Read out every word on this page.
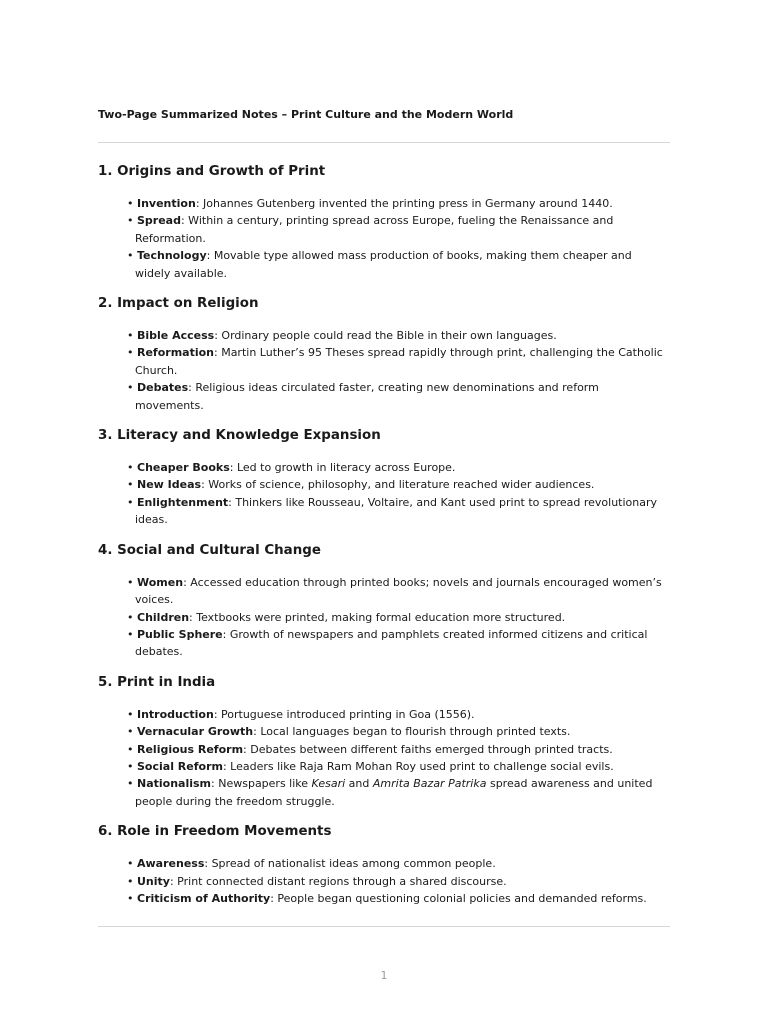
Two-Page Summarized Notes – Print Culture and the Modern World

1. Origins and Growth of Print
• Invention: Johannes Gutenberg invented the printing press in Germany around 1440.
• Spread: Within a century, printing spread across Europe, fueling the Renaissance and Reformation.
• Technology: Movable type allowed mass production of books, making them cheaper and widely available.
2. Impact on Religion
• Bible Access: Ordinary people could read the Bible in their own languages.
• Reformation: Martin Luther’s 95 Theses spread rapidly through print, challenging the Catholic Church.
• Debates: Religious ideas circulated faster, creating new denominations and reform movements.
3. Literacy and Knowledge Expansion
• Cheaper Books: Led to growth in literacy across Europe.
• New Ideas: Works of science, philosophy, and literature reached wider audiences.
• Enlightenment: Thinkers like Rousseau, Voltaire, and Kant used print to spread revolutionary ideas.
4. Social and Cultural Change
• Women: Accessed education through printed books; novels and journals encouraged women’s voices.
• Children: Textbooks were printed, making formal education more structured.
• Public Sphere: Growth of newspapers and pamphlets created informed citizens and critical debates.
5. Print in India
• Introduction: Portuguese introduced printing in Goa (1556).
• Vernacular Growth: Local languages began to flourish through printed texts.
• Religious Reform: Debates between different faiths emerged through printed tracts.
• Social Reform: Leaders like Raja Ram Mohan Roy used print to challenge social evils.
• Nationalism: Newspapers like Kesari and Amrita Bazar Patrika spread awareness and united people during the freedom struggle.
6. Role in Freedom Movements
• Awareness: Spread of nationalist ideas among common people.
• Unity: Print connected distant regions through a shared discourse.
• Criticism of Authority: People began questioning colonial policies and demanded reforms.
1
